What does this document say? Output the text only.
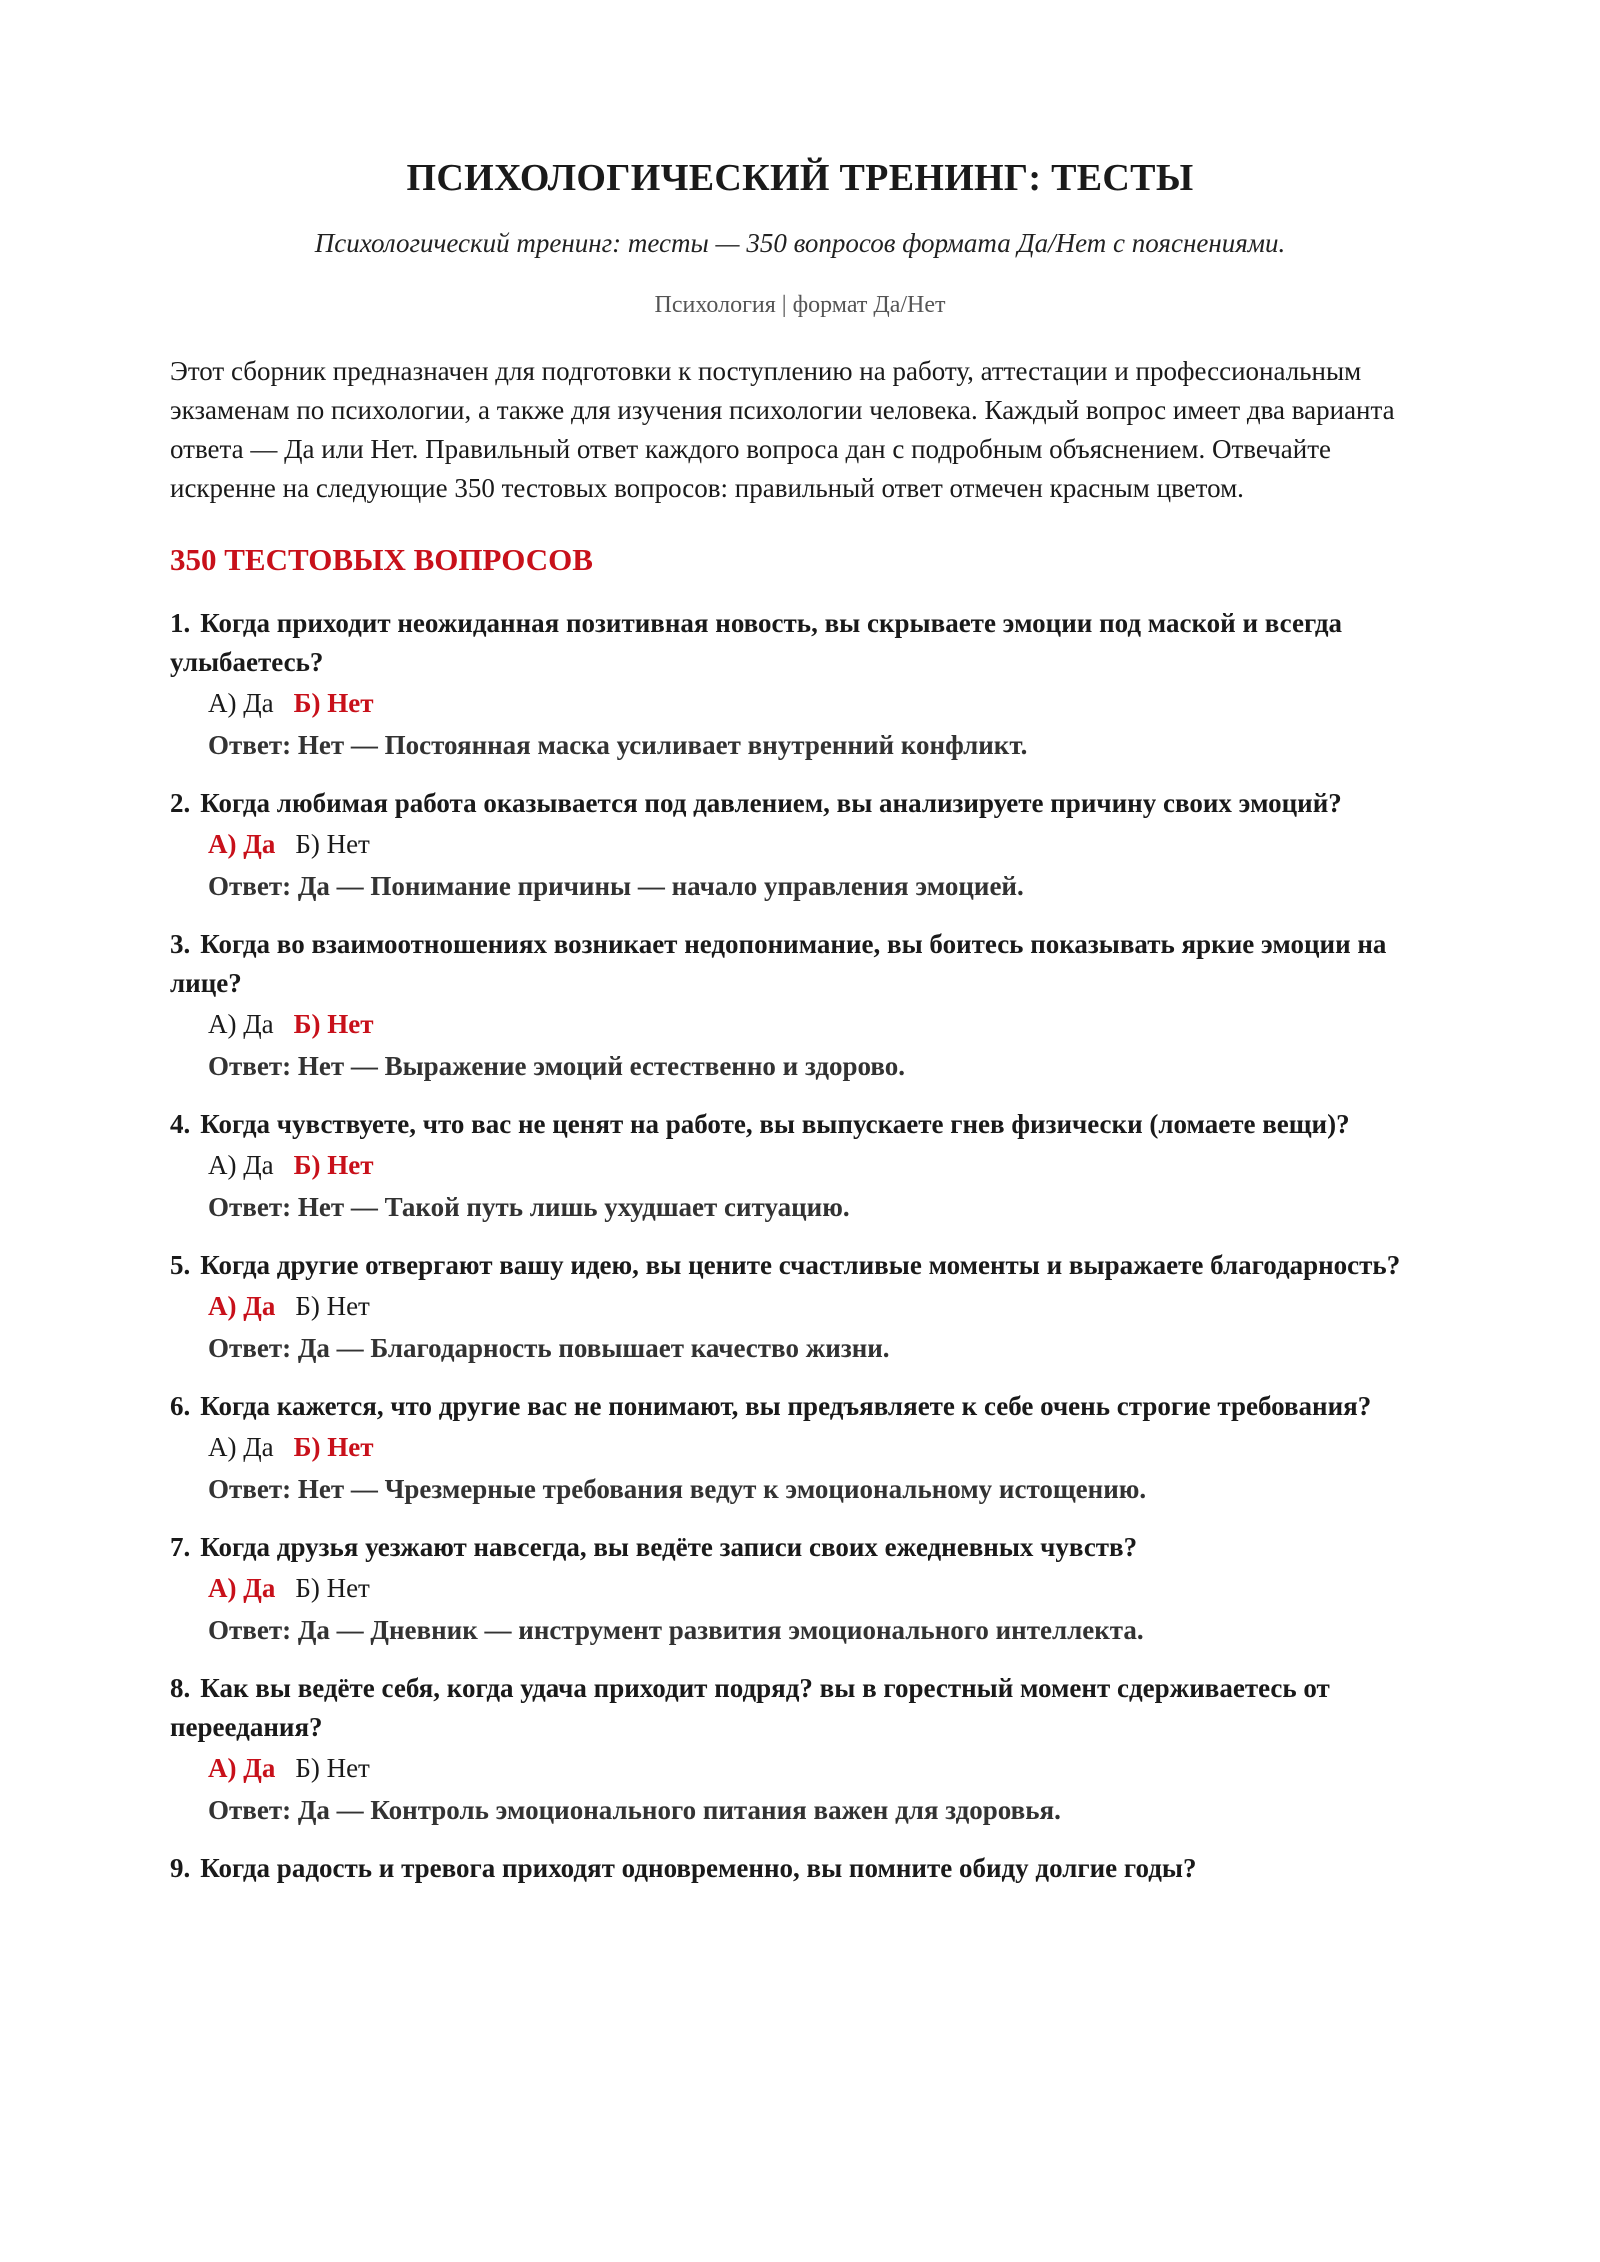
ПСИХОЛОГИЧЕСКИЙ ТРЕНИНГ: ТЕСТЫ
Психологический тренинг: тесты — 350 вопросов формата Да/Нет с пояснениями.
Психология | формат Да/Нет

Этот сборник предназначен для подготовки к поступлению на работу, аттестации и профессиональным экзаменам по психологии, а также для изучения психологии человека. Каждый вопрос имеет два варианта ответа — Да или Нет. Правильный ответ каждого вопроса дан с подробным объяснением. Отвечайте искренне на следующие 350 тестовых вопросов: правильный ответ отмечен красным цветом.

350 ТЕСТОВЫХ ВОПРОСОВ
1. Когда приходит неожиданная позитивная новость, вы скрываете эмоции под маской и всегда улыбаетесь?
А) Да Б) Нет
Ответ: Нет — Постоянная маска усиливает внутренний конфликт.
2. Когда любимая работа оказывается под давлением, вы анализируете причину своих эмоций?
А) Да Б) Нет
Ответ: Да — Понимание причины — начало управления эмоцией.
3. Когда во взаимоотношениях возникает недопонимание, вы боитесь показывать яркие эмоции на лице?
А) Да Б) Нет
Ответ: Нет — Выражение эмоций естественно и здорово.
4. Когда чувствуете, что вас не ценят на работе, вы выпускаете гнев физически (ломаете вещи)?
А) Да Б) Нет
Ответ: Нет — Такой путь лишь ухудшает ситуацию.
5. Когда другие отвергают вашу идею, вы цените счастливые моменты и выражаете благодарность?
А) Да Б) Нет
Ответ: Да — Благодарность повышает качество жизни.
6. Когда кажется, что другие вас не понимают, вы предъявляете к себе очень строгие требования?
А) Да Б) Нет
Ответ: Нет — Чрезмерные требования ведут к эмоциональному истощению.
7. Когда друзья уезжают навсегда, вы ведёте записи своих ежедневных чувств?
А) Да Б) Нет
Ответ: Да — Дневник — инструмент развития эмоционального интеллекта.
8. Как вы ведёте себя, когда удача приходит подряд? вы в горестный момент сдерживаетесь от переедания?
А) Да Б) Нет
Ответ: Да — Контроль эмоционального питания важен для здоровья.
9. Когда радость и тревога приходят одновременно, вы помните обиду долгие годы?
